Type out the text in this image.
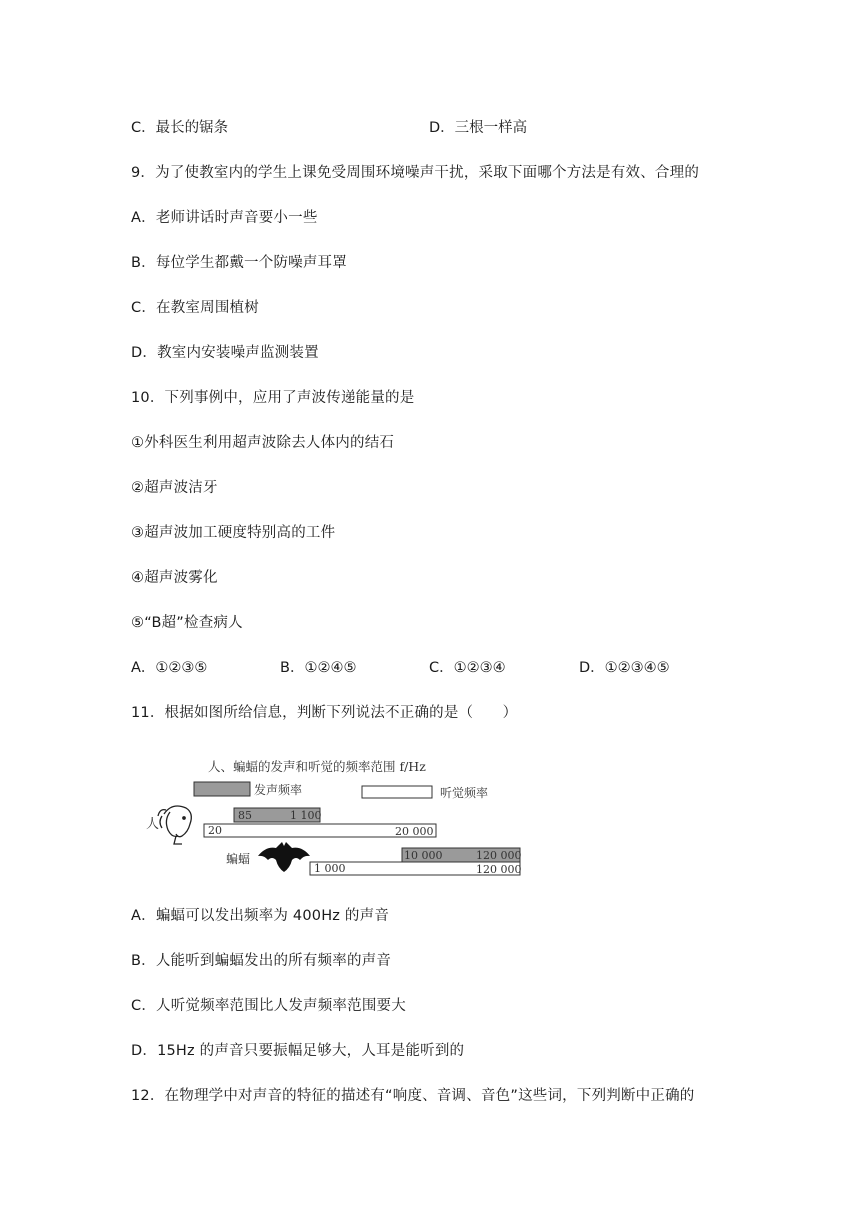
C．最长的锯条	D．三根一样高
9．为了使教室内的学生上课免受周围环境噪声干扰，采取下面哪个方法是有效、合理的
A．老师讲话时声音要小一些
B．每位学生都戴一个防噪声耳罩
C．在教室周围植树
D．教室内安装噪声监测装置
10．下列事例中，应用了声波传递能量的是
①外科医生利用超声波除去人体内的结石
②超声波洁牙
③超声波加工硬度特别高的工件
④超声波雾化
⑤“B超”检查病人
A．①②③⑤	B．①②④⑤	C．①②③④	D．①②③④⑤
11．根据如图所给信息，判断下列说法不正确的是（　　）
人、蝙蝠的发声和听觉的频率范围 f/Hz
发声频率	听觉频率
人
85	1 100
20	20 000
蝙蝠	10 000	120 000
1 000	120 000
A．蝙蝠可以发出频率为 400Hz 的声音
B．人能听到蝙蝠发出的所有频率的声音
C．人听觉频率范围比人发声频率范围要大
D．15Hz 的声音只要振幅足够大，人耳是能听到的
12．在物理学中对声音的特征的描述有“响度、音调、音色”这些词，下列判断中正确的
